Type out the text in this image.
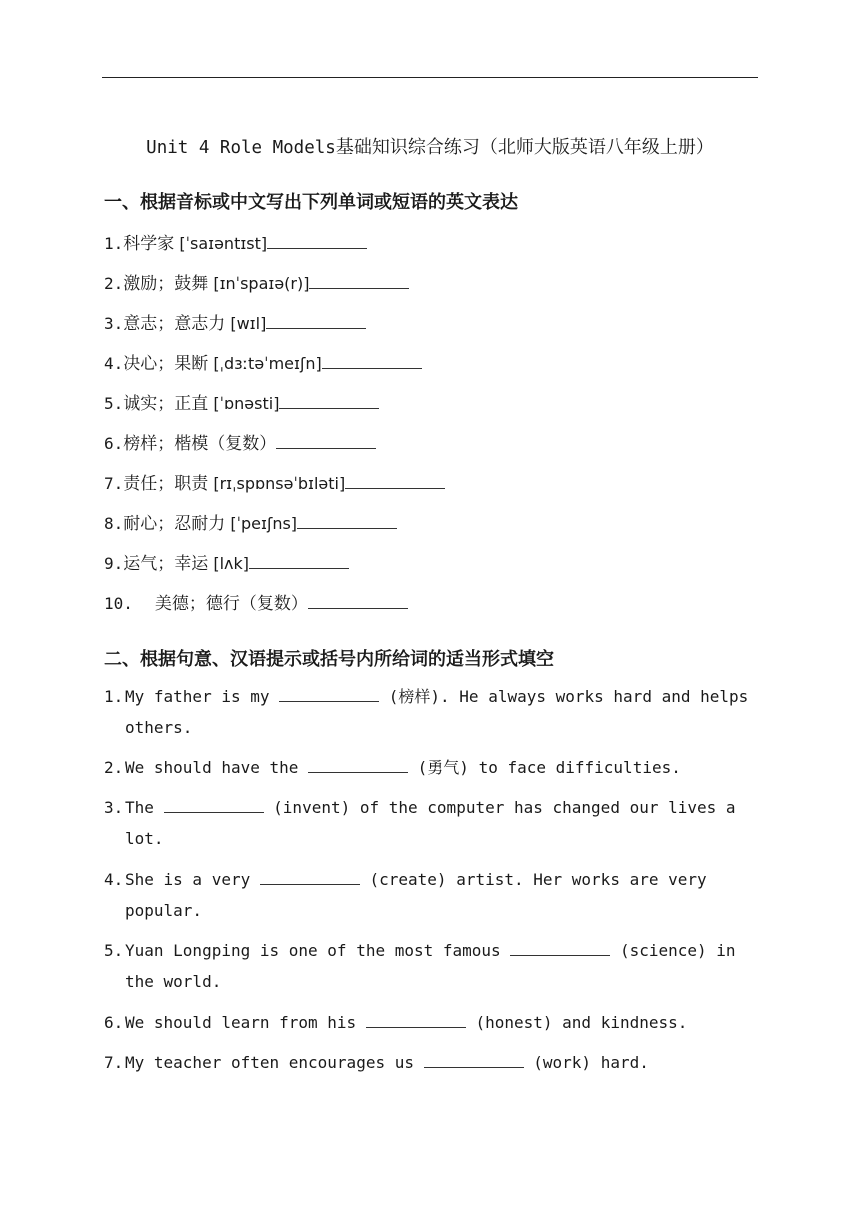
Unit 4 Role Models基础知识综合练习（北师大版英语八年级上册）
一、根据音标或中文写出下列单词或短语的英文表达
1.科学家 [ˈsaɪəntɪst]
2.激励；鼓舞 [ɪnˈspaɪə(r)]
3.意志；意志力 [wɪl]
4.决心；果断 [ˌdɜːtəˈmeɪʃn]
5.诚实；正直 [ˈɒnəsti]
6.榜样；楷模（复数）
7.责任；职责 [rɪˌspɒnsəˈbɪləti]
8.耐心；忍耐力 [ˈpeɪʃns]
9.运气；幸运 [lʌk]
10. 美德；德行（复数）
二、根据句意、汉语提示或括号内所给词的适当形式填空
1. My father is my	(榜样). He always works hard and helps others.
2. We should have the	(勇气) to face difficulties.
3. The	(invent) of the computer has changed our lives a lot.
4. She is a very	(create) artist. Her works are very popular.
5. Yuan Longping is one of the most famous	(science) in the world.
6. We should learn from his	(honest) and kindness.
7. My teacher often encourages us	(work) hard.
